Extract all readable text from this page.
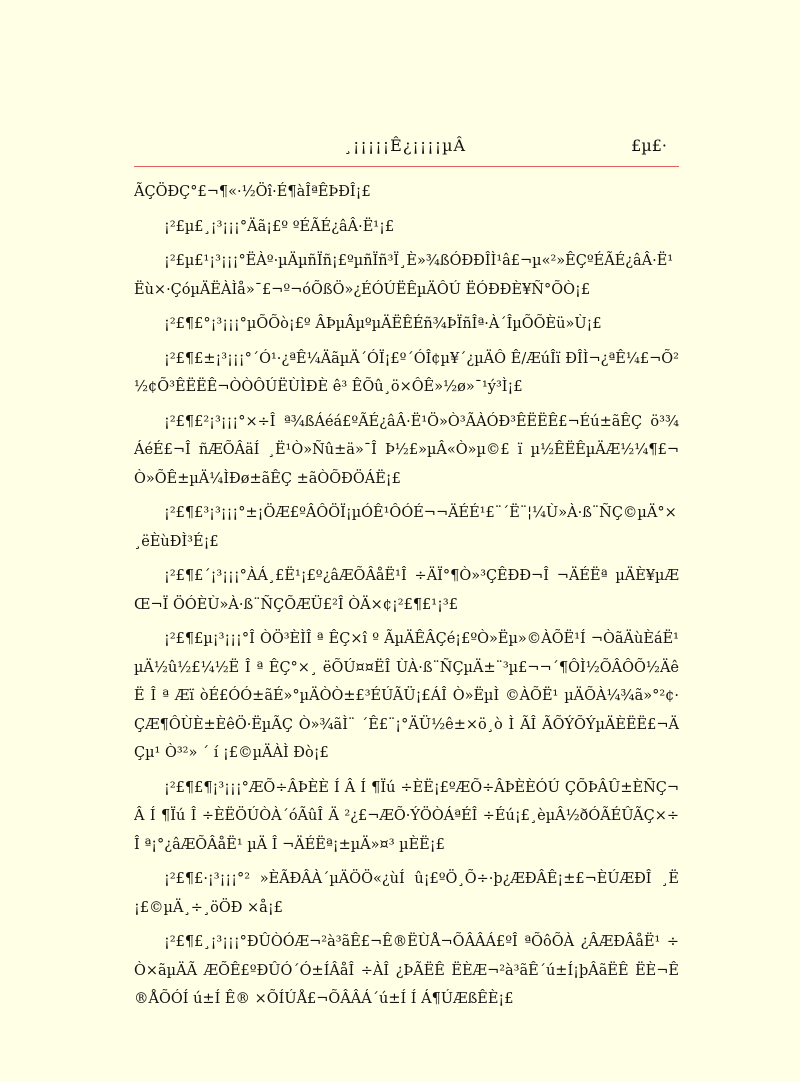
¸¡¡¡¡¡Ê¿¡¡¡¡µÂ	£µ£·

ÃÇÖÐÇ°£¬¶«·½Öî·É¶àÎªÊÞÐÎ¡£

¡²£µ£¸¡³¡¡¡°Äã¡£º ºÉÃÉ¿âÂ·Ë¹¡£

¡²£µ£¹¡³¡¡¡°ËÀº·µÄµñÏñ¡£ºµñÏñ³Ï¸È»¾ßÓÐÐÎÌ¹â£¬µ«²»ÊÇºÉÃÉ¿âÂ·Ë¹Ëù×·ÇóµÄËÀÌå»¯£¬º¬óÕßÖ»¿ÉÓÚËÊµÄÔÚ ËÓÐÐÈ¥Ñ°ÕÒ¡£

¡²£¶£°¡³¡¡¡°µÕÕò¡£º ÂÞµÂµºµÄËÊÉñ¾ÞÏñÎª·À´ÎµÕÕÈü»Ù¡£

¡²£¶£±¡³¡¡¡°´Ó¹·¿ªÊ¼ÄãµÄ´ÓÏ¡£º´ÓÎ¢µ¥´¿µÄÔ Ê/ÆúÎï ÐÎÌ¬¿ªÊ¼£¬Õ²½¢Õ³ÊËËÊ¬ÒÒÔÚËÙÌÐÈ ê³ ÊÕû¸ö×ÔÊ»½ø»¯¹ý³Ì¡£

¡²£¶£²¡³¡¡¡°×÷Î ª¾ßÁéá£ºÃÉ¿âÂ·Ë¹Ö»Ò³ÃÀÓÐ³ÊËËÊ£¬Éú±ãÊÇ ö³¾ÁéÉ£¬Î ñÆÕÂäÍ ¸Ë¹Ò»Ñû±ä»¯Î Þ½£»µÂ«Ò»µ©£ ï µ½ÊËÊµÄÆ½¼¶£¬Ò»ÕÊ±µÄ¼ÌÐø±ãÊÇ ±ãÒÕÐÖÁË¡£

¡²£¶£³¡³¡¡¡°±¡ÖÆ£ºÂÔÖÏ¡µÓÊ¹ÔÓÉ¬¬ÄÉÉ¹£¨´Ë¨¦¼Ù»À·ß¨ÑÇ©µÄ°×¸ëÈùÐÌ³É¡£

¡²£¶£´¡³¡¡¡°ÀÁ¸£Ë¹¡£º¿âÆÕÂåË¹Î ÷ÄÏ°¶Ò»³ÇÊÐÐ¬Î ¬ÄÉËª µÄÈ¥µÆŒ¬Ï ÖÓÈÙ»À·ß¨ÑÇÕÆÜ£²Î ÒÄ×¢¡²£¶£¹¡³£

¡²£¶£µ¡³¡¡¡°Î ÒÖ³ÈÌÎ ª ÊÇ×î º ÃµÄÊÂÇé¡£ºÒ»Ëµ»©ÀÕË¹Í ¬ÒãÄùÈáË¹µÄ½û½£¼½Ë Î ª ÊÇ°×¸ ëÕÚ¤¤ËÎ ÙÀ·ß¨ÑÇµÄ±¨³µ£¬¬´¶ÔÌ½ÕÂÔÕ½ÄêË Î ª Æï òÉ£ÓÓ±ãÉ»°µÄÒÒ±£³ÉÚÃÜ¡£ÁÎ Ò»ËµÌ ©ÀÕË¹ µÄÕÀ¼¾ã»°²¢·ÇÆ¶ÔÙÈ±ÈêÖ·ËµÃÇ Ò»¾ãÌ¨ ´Ê£¨¡°ÄÜ½ê±×ö¸ò Ì ÃÎ ÃÕÝÕÝµÄÈËË£¬ÄÇµ¹ Ò³²» ´ í ¡£©µÄÀÌ Ðò¡£

¡²£¶£¶¡³¡¡¡°ÆÕ÷ÂÞÈÈ Í Â Í ¶Ïú ÷ÈË¡£ºÆÕ÷ÂÞÈÈÓÚ ÇÕÞÂÛ±ÈÑÇ¬Â Í ¶Ïú Î ÷ÈËÖÚÒÀ´óÃûÎ Ä ²¿£¬ÆÕ·ÝÖÒÁªÉÎ ÷Éú¡£¸èµÂ½ðÓÃÉÛÃÇ×÷Î ª¡°¿âÆÕÂåË¹ µÄ Î ¬ÄÉËª¡±µÄ»¤³ µÈË¡£

¡²£¶£·¡³¡¡¡°² »ÈÃÐÂÀ´µÄÖÖ«¿ùÍ û¡£ºÖ¸Õ÷·þ¿ÆÐÂÊ¡±£¬ÈÚÆÐÎ ¸Ë¡£©µÄ¸÷¸öÖÐ ×å¡£

¡²£¶£¸¡³¡¡¡°ÐÛÒÓÆ¬²à³ãÊ£¬Ê®ËÙÅ¬ÕÂÂÁ£ºÎ ªÕôÕÀ ¿ÂÆÐÂåË¹ ÷Ò×ãµÄÃ ÆÕÊ£ºÐÛÓ´Ó±ÍÂåÎ ÷ÀÎ ¿ÞÃËÊ ËÈÆ¬²à³ãÊ´ú±Í¡þÂãËÊ ËÈ¬Ê®ÅÕÓÍ ú±Í Ê® ×ÕÍÚÅ£¬ÕÂÂÁ´ú±Í Í Á¶ÚÆßÊÈ¡£
